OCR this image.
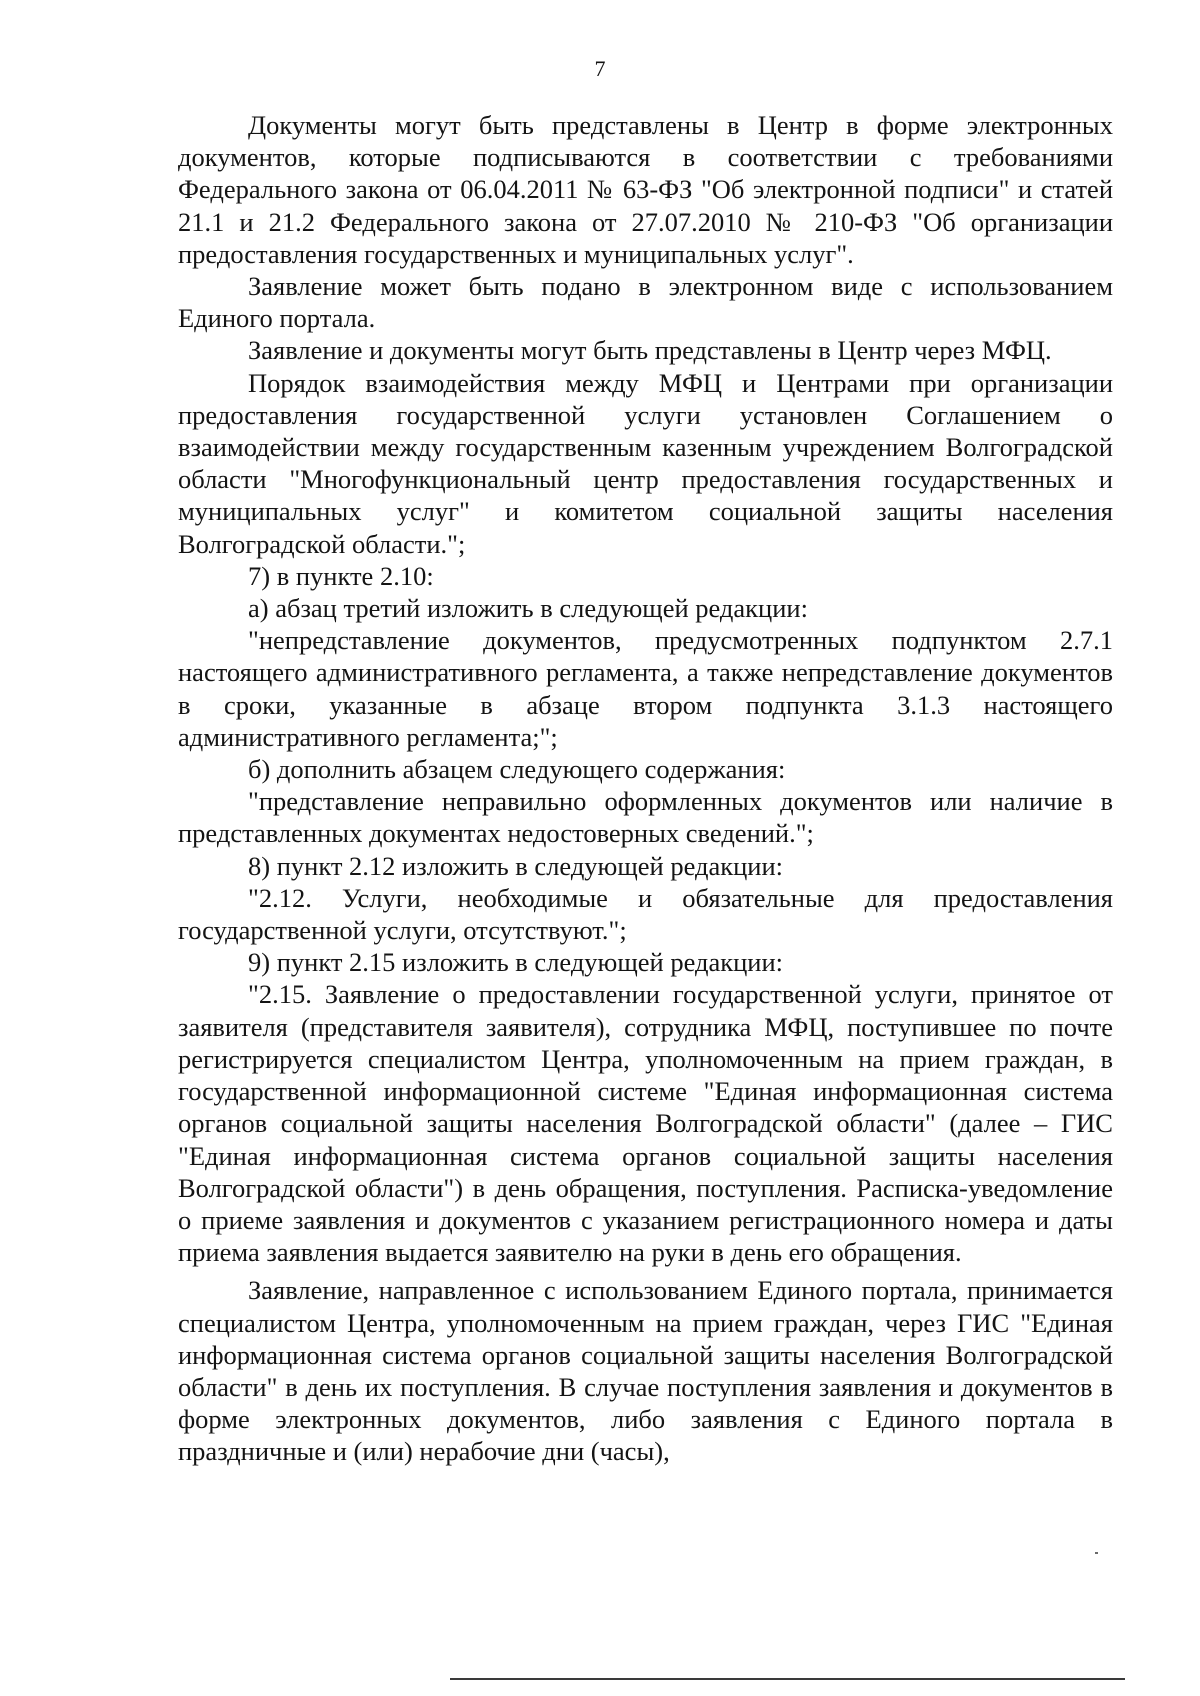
7

Документы могут быть представлены в Центр в форме электронных документов, которые подписываются в соответствии с требованиями Федерального закона от 06.04.2011 № 63-ФЗ "Об электронной подписи" и статей 21.1 и 21.2 Федерального закона от 27.07.2010 № 210-ФЗ "Об организации предоставления государственных и муниципальных услуг".

Заявление может быть подано в электронном виде с использованием Единого портала.

Заявление и документы могут быть представлены в Центр через МФЦ.

Порядок взаимодействия между МФЦ и Центрами при организации предоставления государственной услуги установлен Соглашением о взаимодействии между государственным казенным учреждением Волгоградской области "Многофункциональный центр предоставления государственных и муниципальных услуг" и комитетом социальной защиты населения Волгоградской области.";

7) в пункте 2.10:

а) абзац третий изложить в следующей редакции:

"непредставление документов, предусмотренных подпунктом 2.7.1 настоящего административного регламента, а также непредставление документов в сроки, указанные в абзаце втором подпункта 3.1.3 настоящего административного регламента;";

б) дополнить абзацем следующего содержания:

"представление неправильно оформленных документов или наличие в представленных документах недостоверных сведений.";

8) пункт 2.12 изложить в следующей редакции:

"2.12. Услуги, необходимые и обязательные для предоставления государственной услуги, отсутствуют.";

9) пункт 2.15 изложить в следующей редакции:

"2.15. Заявление о предоставлении государственной услуги, принятое от заявителя (представителя заявителя), сотрудника МФЦ, поступившее по почте регистрируется специалистом Центра, уполномоченным на прием граждан, в государственной информационной системе "Единая информационная система органов социальной защиты населения Волгоградской области" (далее – ГИС "Единая информационная система органов социальной защиты населения Волгоградской области") в день обращения, поступления. Расписка-уведомление о приеме заявления и документов с указанием регистрационного номера и даты приема заявления выдается заявителю на руки в день его обращения.

Заявление, направленное с использованием Единого портала, принимается специалистом Центра, уполномоченным на прием граждан, через ГИС "Единая информационная система органов социальной защиты населения Волгоградской области" в день их поступления. В случае поступления заявления и документов в форме электронных документов, либо заявления с Единого портала в праздничные и (или) нерабочие дни (часы),
